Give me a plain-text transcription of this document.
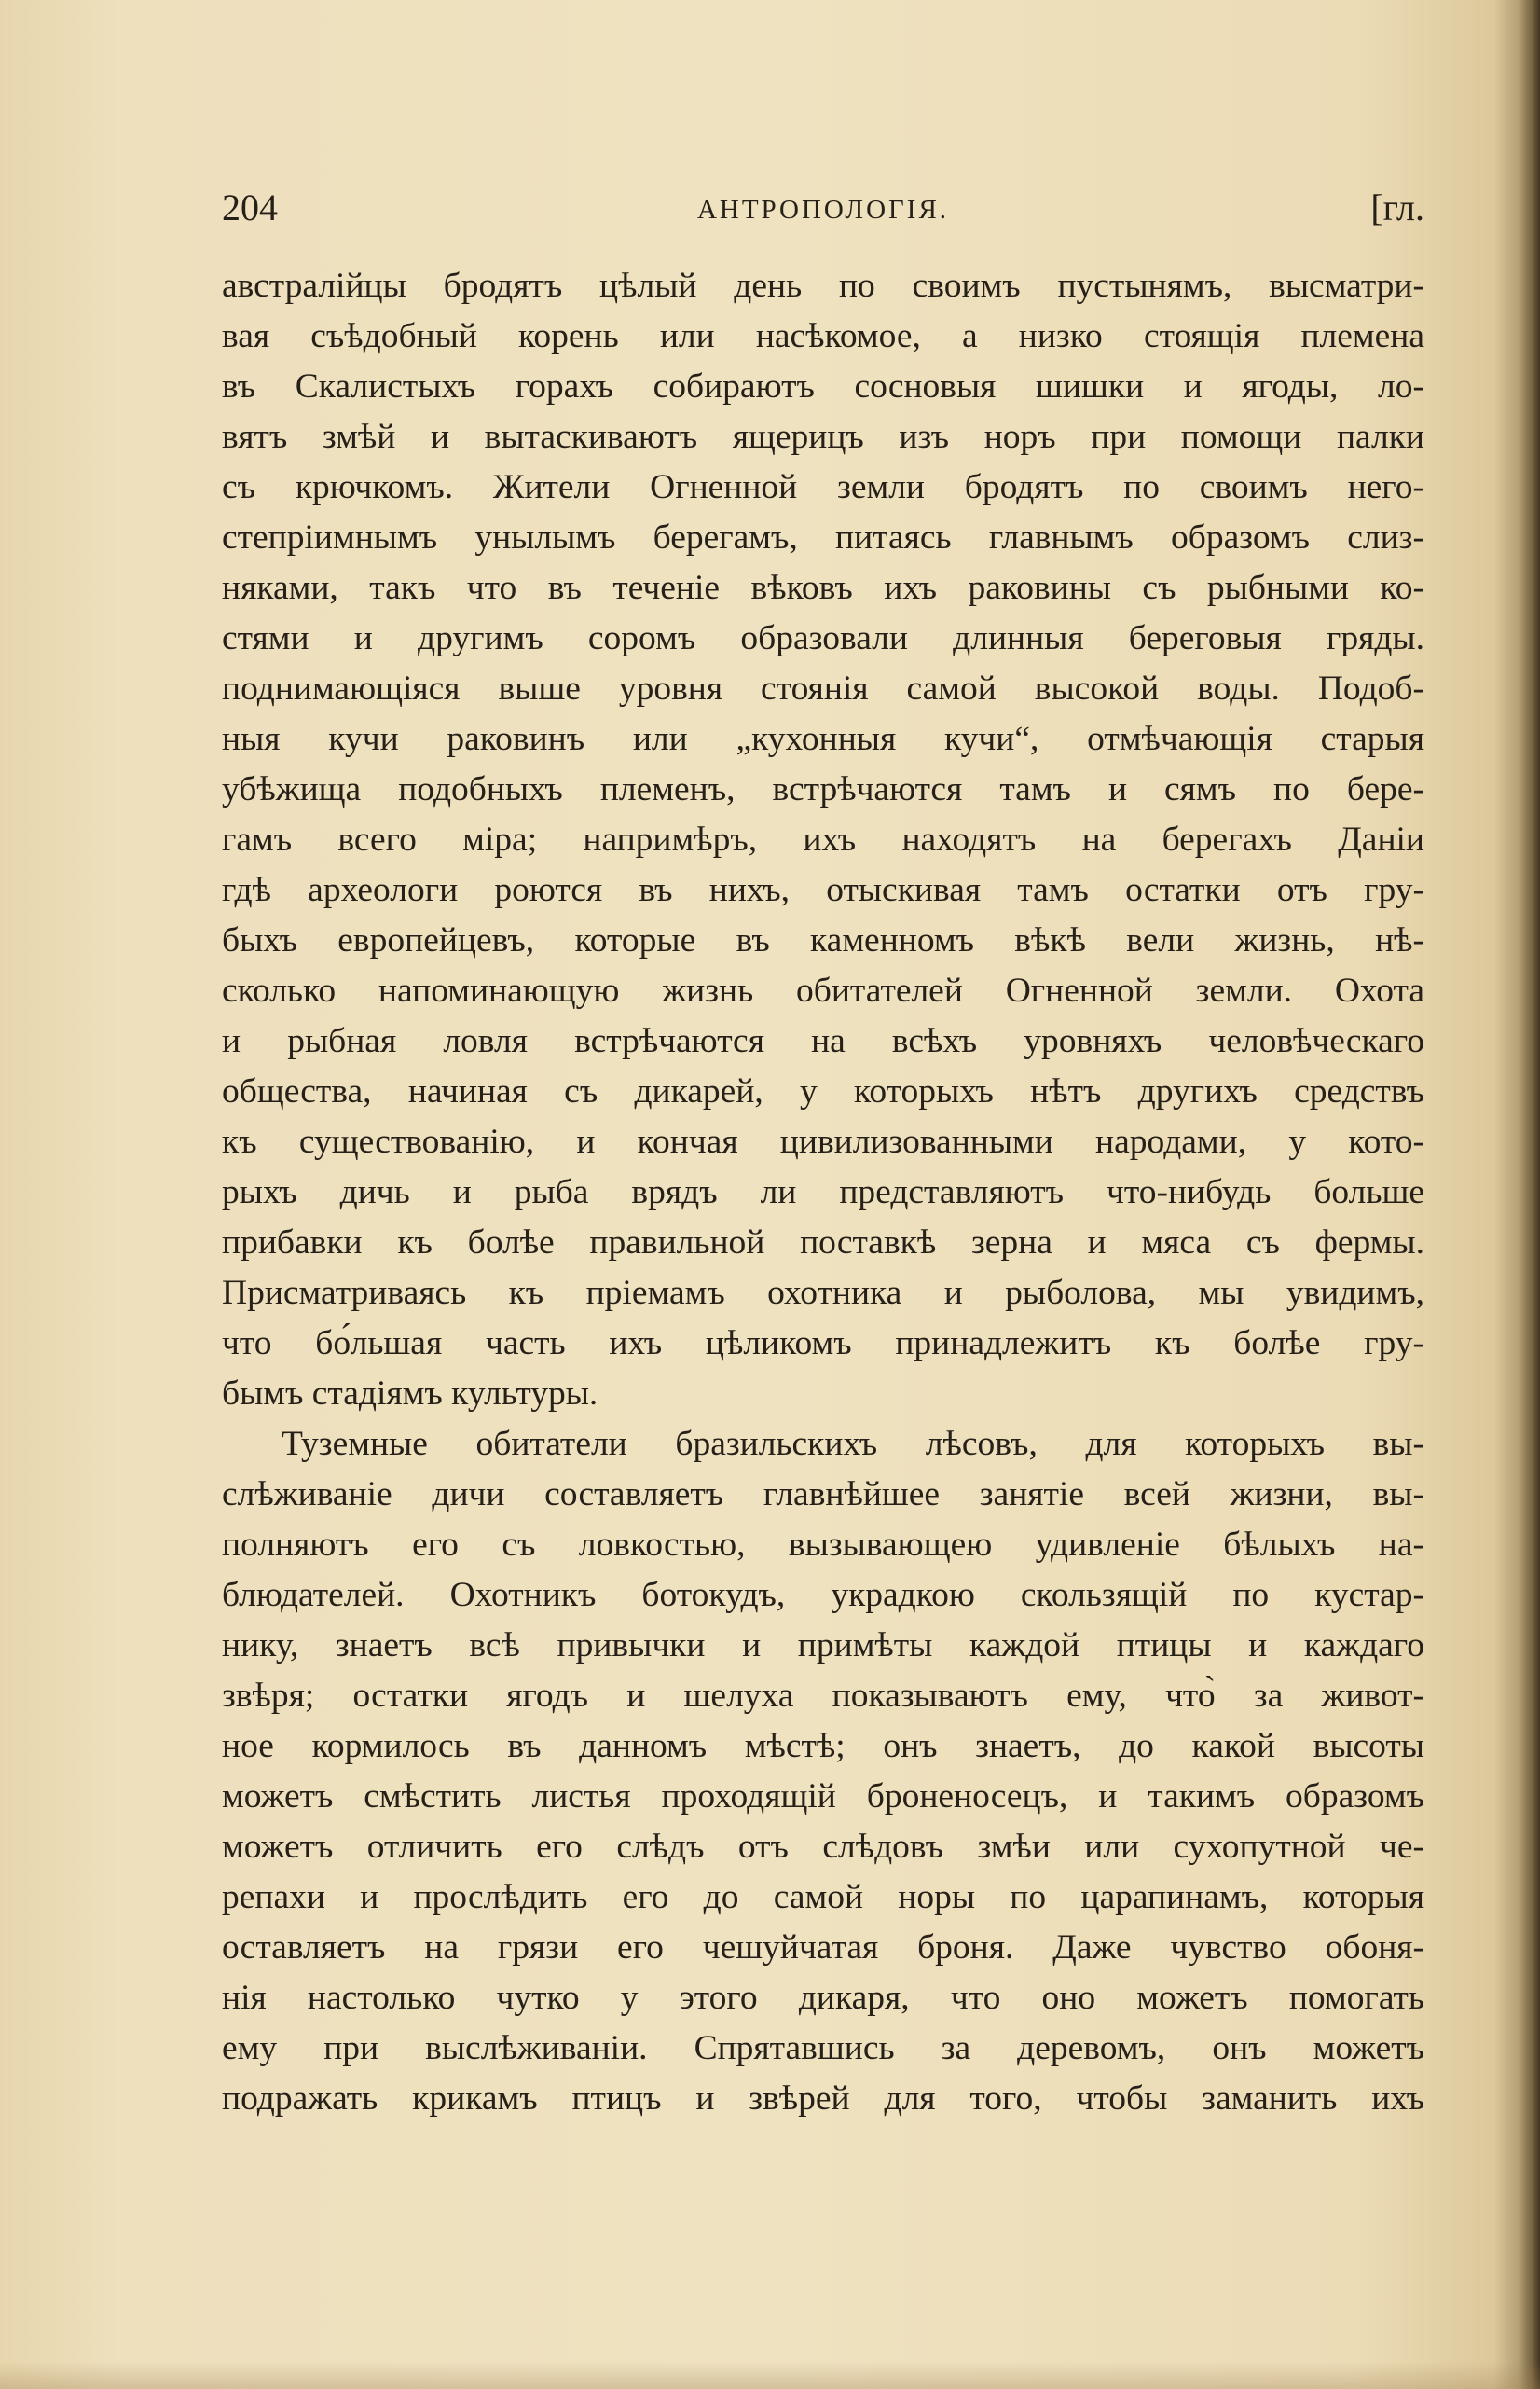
204	АНТРОПОЛОГІЯ.	[гл.
австралійцы бродятъ цѣлый день по своимъ пустынямъ, высматри-
вая съѣдобный корень или насѣкомое, а низко стоящія племена
въ Скалистыхъ горахъ собираютъ сосновыя шишки и ягоды, ло-
вятъ змѣй и вытаскиваютъ ящерицъ изъ норъ при помощи палки
съ крючкомъ. Жители Огненной земли бродятъ по своимъ него-
степріимнымъ унылымъ берегамъ, питаясь главнымъ образомъ слиз-
няками, такъ что въ теченіе вѣковъ ихъ раковины съ рыбными ко-
стями и другимъ соромъ образовали длинныя береговыя гряды.
поднимающіяся выше уровня стоянія самой высокой воды. Подоб-
ныя кучи раковинъ или „кухонныя кучи“, отмѣчающія старыя
убѣжища подобныхъ племенъ, встрѣчаются тамъ и сямъ по бере-
гамъ всего міра; напримѣръ, ихъ находятъ на берегахъ Даніи
гдѣ археологи роются въ нихъ, отыскивая тамъ остатки отъ гру-
быхъ европейцевъ, которые въ каменномъ вѣкѣ вели жизнь, нѣ-
сколько напоминающую жизнь обитателей Огненной земли. Охота
и рыбная ловля встрѣчаются на всѣхъ уровняхъ человѣческаго
общества, начиная съ дикарей, у которыхъ нѣтъ другихъ средствъ
къ существованію, и кончая цивилизованными народами, у кото-
рыхъ дичь и рыба врядъ ли представляютъ что-нибудь больше
прибавки къ болѣе правильной поставкѣ зерна и мяса съ фермы.
Присматриваясь къ пріемамъ охотника и рыболова, мы увидимъ,
что бо́льшая часть ихъ цѣликомъ принадлежитъ къ болѣе гру-
бымъ стадіямъ культуры.
Туземные обитатели бразильскихъ лѣсовъ, для которыхъ вы-
слѣживаніе дичи составляетъ главнѣйшее занятіе всей жизни, вы-
полняютъ его съ ловкостью, вызывающею удивленіе бѣлыхъ на-
блюдателей. Охотникъ ботокудъ, украдкою скользящій по кустар-
нику, знаетъ всѣ привычки и примѣты каждой птицы и каждаго
звѣря; остатки ягодъ и шелуха показываютъ ему, что̀ за живот-
ное кормилось въ данномъ мѣстѣ; онъ знаетъ, до какой высоты
можетъ смѣстить листья проходящій броненосецъ, и такимъ образомъ
можетъ отличить его слѣдъ отъ слѣдовъ змѣи или сухопутной че-
репахи и прослѣдить его до самой норы по царапинамъ, которыя
оставляетъ на грязи его чешуйчатая броня. Даже чувство обоня-
нія настолько чутко у этого дикаря, что оно можетъ помогать
ему при выслѣживаніи. Спрятавшись за деревомъ, онъ можетъ
подражать крикамъ птицъ и звѣрей для того, чтобы заманить ихъ
